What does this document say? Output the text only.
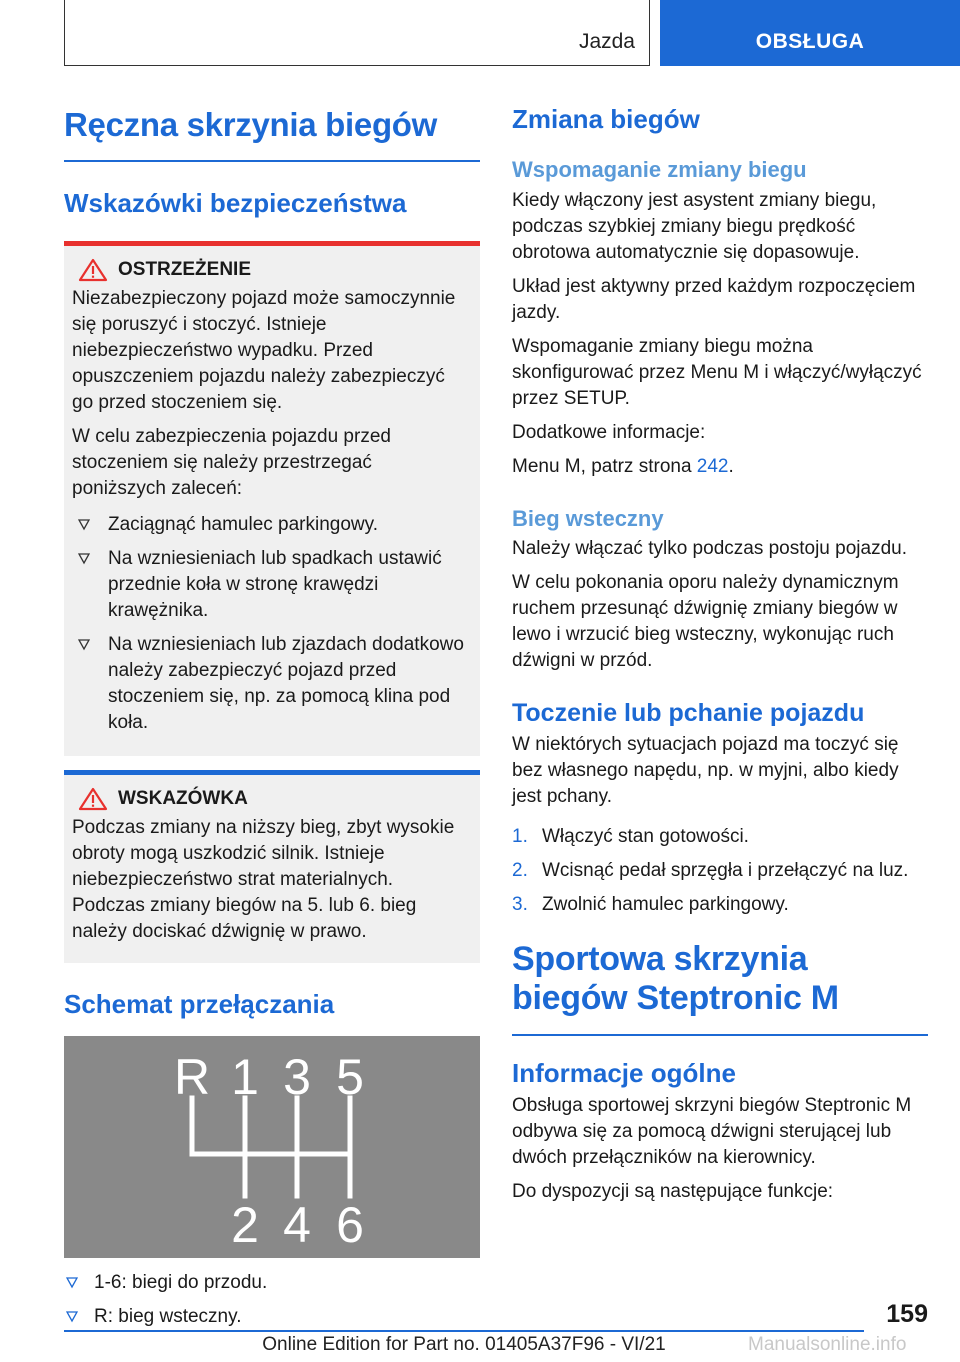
Jazda	OBSŁUGA
Ręczna skrzynia biegów
Wskazówki bezpieczeństwa
OSTRZEŻENIE
Niezabezpieczony pojazd może samoczynnie się poruszyć i stoczyć. Istnieje niebezpieczeństwo wypadku. Przed opuszczeniem pojazdu należy zabezpieczyć go przed stoczeniem się.
W celu zabezpieczenia pojazdu przed stoczeniem się należy przestrzegać poniższych zaleceń:
Zaciągnąć hamulec parkingowy.
Na wzniesieniach lub spadkach ustawić przednie koła w stronę krawędzi krawężnika.
Na wzniesieniach lub zjazdach dodatkowo należy zabezpieczyć pojazd przed stoczeniem się, np. za pomocą klina pod koła.
WSKAZÓWKA
Podczas zmiany na niższy bieg, zbyt wysokie obroty mogą uszkodzić silnik. Istnieje niebezpieczeństwo strat materialnych. Podczas zmiany biegów na 5. lub 6. bieg należy dociskać dźwignię w prawo.
Schemat przełączania
R 1 3 5
2 4 6
1-6: biegi do przodu.
R: bieg wsteczny.
Zmiana biegów
Wspomaganie zmiany biegu
Kiedy włączony jest asystent zmiany biegu, podczas szybkiej zmiany biegu prędkość obrotowa automatycznie się dopasowuje.
Układ jest aktywny przed każdym rozpoczęciem jazdy.
Wspomaganie zmiany biegu można skonfigurować przez Menu M i włączyć/wyłączyć przez SETUP.
Dodatkowe informacje:
Menu M, patrz strona 242.
Bieg wsteczny
Należy włączać tylko podczas postoju pojazdu.
W celu pokonania oporu należy dynamicznym ruchem przesunąć dźwignię zmiany biegów w lewo i wrzucić bieg wsteczny, wykonując ruch dźwigni w przód.
Toczenie lub pchanie pojazdu
W niektórych sytuacjach pojazd ma toczyć się bez własnego napędu, np. w myjni, albo kiedy jest pchany.
1. Włączyć stan gotowości.
2. Wcisnąć pedał sprzęgła i przełączyć na luz.
3. Zwolnić hamulec parkingowy.
Sportowa skrzynia biegów Steptronic M
Informacje ogólne
Obsługa sportowej skrzyni biegów Steptronic M odbywa się za pomocą dźwigni sterującej lub dwóch przełączników na kierownicy.
Do dyspozycji są następujące funkcje:
159
Online Edition for Part no. 01405A37F96 - VI/21	Manualsonline.info
